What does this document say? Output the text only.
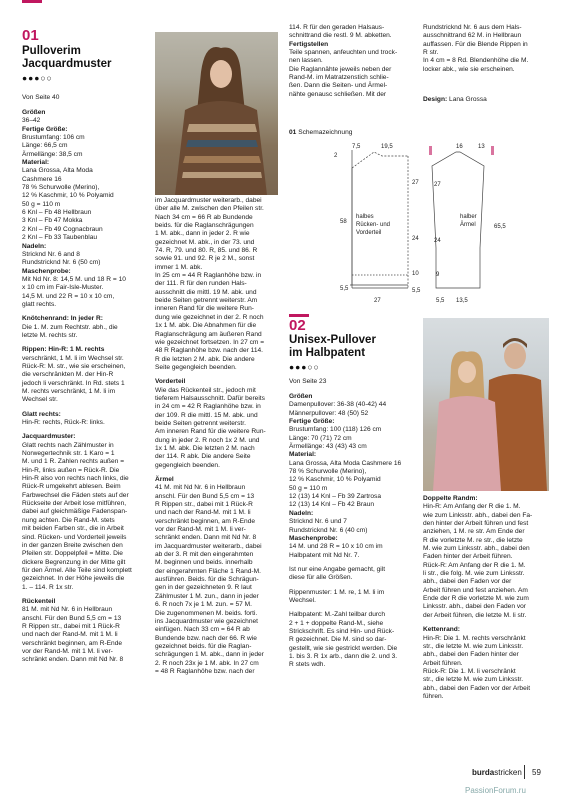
01
Pulloverim
Jacquardmuster
●●●○○
Von Seite 40

Größen

36–42

Fertige Größe:

Brustumfang: 106 cm

Länge: 66,5 cm

Ärmellänge: 38,5 cm

Material:

Lana Grossa, Alta Moda

Cashmere 16

78 % Schurwolle (Merino),

12 % Kaschmir, 10 % Polyamid

50 g = 110 m

6 Knl – Fb 48 Hellbraun

3 Knl – Fb 47 Mokka

2 Knl – Fb 49 Cognacbraun

2 Knl – Fb 33 Taubenblau

Nadeln:

Stricknd Nr. 6 and 8

Rundstricknd Nr. 6 (50 cm)

Maschenprobe:

Mit Nd Nr. 8: 14,5 M. und 18 R = 10

x 10 cm im Fair-Isle-Muster.

14,5 M. und 22 R = 10 x 10 cm,

glatt rechts.

Knötchenrand: In jeder R:

Die 1. M. zum Rechtstr. abh., die

letzte M. rechts str.

Rippen: Hin-R: 1 M. rechts

verschränkt, 1 M. li im Wechsel str.

Rück-R: M. str., wie sie erscheinen,

die verschränkten M. der Hin-R

jedoch li verschränkt. In Rd. stets 1

M. rechts verschränkt, 1 M. li im

Wechsel str.

Glatt rechts:

Hin-R: rechts, Rück-R: links.

Jacquardmuster:

Glatt rechts nach Zählmuster in

Norwegertechnik str. 1 Karo = 1

M. und 1 R. Zahlen rechts außen =

Hin-R, links außen = Rück-R. Die

Hin-R also von rechts nach links, die

Rück-R umgekehrt ablesen. Beim

Farbwechsel die Fäden stets auf der

Rückseite der Arbeit lose mitführen,

dabei auf gleichmäßige Fadenspan-

nung achten. Die Rand-M. stets

mit beiden Farben str., die in Arbeit

sind. Rücken- und Vorderteil jeweils

in der ganzen Breite zwischen den

Pfeilen str. Doppelpfeil = Mitte. Die

dickere Begrenzung in der Mitte gilt

für den Ärmel. Alle Teile sind komplett

gezeichnet. In der Höhe jeweils die

1. – 114. R 1x str.

Rückenteil

81 M. mit Nd Nr. 6 in Hellbraun

anschl. Für den Bund 5,5 cm = 13

R Rippen str., dabei mit 1 Rück-R

und nach der Rand-M. mit 1 M. li

verschränkt beginnen, am R-Ende

vor der Rand-M. mit 1 M. li ver-

schränkt enden. Dann mit Nd Nr. 8

im Jacquardmuster weiterarb., dabei

über alle M. zwischen den Pfeilen str.

Nach 34 cm = 66 R ab Bundende

beids. für die Raglanschrägungen

1 M. abk., dann in jeder 2. R wie

gezeichnet M. abk., in der 73. und

74. R, 79. und 80. R, 85. und 86. R

sowie 91. und 92. R je 2 M., sonst

immer 1 M. abk.

In 25 cm = 44 R Raglanhöhe bzw. in

der 111. R für den runden Hals-

ausschnitt die mittl. 19 M. abk. und

beide Seiten getrennt weiterstr. Am

inneren Rand für die weitere Run-

dung wie gezeichnet in der 2. R noch

1x 1 M. abk. Die Abnahmen für die

Raglanschrägung am äußeren Rand

wie gezeichnet fortsetzen. In 27 cm =

48 R Raglanhöhe bzw. nach der 114.

R die letzten 2 M. abk. Die andere

Seite gegengleich beenden.

Vorderteil

Wie das Rückenteil str., jedoch mit

tieferem Halsausschnitt. Dafür bereits

in 24 cm = 42 R Raglanhöhe bzw. in

der 109. R die mittl. 15 M. abk. und

beide Seiten getrennt weiterstr.

Am inneren Rand für die weitere Run-

dung in jeder 2. R noch 1x 2 M. und

1x 1 M. abk. Die letzten 2 M. nach

der 114. R abk. Die andere Seite

gegengleich beenden.

Ärmel

41 M. mit Nd Nr. 6 in Hellbraun

anschl. Für den Bund 5,5 cm = 13

R Rippen str., dabei mit 1 Rück-R

und nach der Rand-M. mit 1 M. li

verschränkt beginnen, am R-Ende

vor der Rand-M. mit 1 M. li ver-

schränkt enden. Dann mit Nd Nr. 8

im Jacquardmuster weiterarb., dabei

ab der 3. R mit den eingerahmten

M. beginnen und beids. innerhalb

der eingerahmten Fläche 1 Rand-M.

ausführen. Beids. für die Schrägun-

gen in der gezeichneten 9. R laut

Zählmuster 1 M. zun., dann in jeder

6. R noch 7x je 1 M. zun. = 57 M.

Die zugenommenen M. beids. forti.

ins Jacquardmuster wie gezeichnet

einfügen. Nach 33 cm = 64 R ab

Bundende bzw. nach der 66. R wie

gezeichnet beids. für die Raglan-

schrägungen 1 M. abk., dann in jeder

2. R noch 23x je 1 M. abk. In 27 cm

= 48 R Raglanhöhe bzw. nach der

114. R für den geraden Halsaus-

schnittrand die restl. 9 M. abketten.

Fertigstellen

Teile spannen, anfeuchten und trock-

nen lassen.

Die Raglannähte jeweils neben der

Rand-M. im Matratzenstich schlie-

ßen. Dann die Seiten- und Ärmel-

nähte genausc schließen. Mit der

Rundstricknd Nr. 6 aus dem Hals-

ausschnittrand 62 M. in Hellbraun

auffassen. Für die Blende Rippen in

R str.

In 4 cm = 8 Rd. Blendenhöhe die M.

locker abk., wie sie erscheinen.

Design: Lana Grossa
01 Schemazeichnung
2
7,5	19,5	16	13
58
27	27
24	24
10	9
5,5	5,5
27	5,5 13,5
65,5
halbes
Rücken- und
Vorderteil
halber
Ärmel
02
Unisex-Pullover
im Halbpatent
●●●○○
Von Seite 23

Größen

Damenpullover: 36-38 (40-42) 44

Männerpullover: 48 (50) 52

Fertige Größe:

Brustumfang: 100 (118) 126 cm

Länge: 70 (71) 72 cm

Ärmellänge: 43 (43) 43 cm

Material:

Lana Grossa, Alta Moda Cashmere 16

78 % Schurwolle (Merino),

12 % Kaschmir, 10 % Polyamid

50 g = 110 m

12 (13) 14 Knl – Fb 39 Zartrosa

12 (13) 14 Knl – Fb 42 Braun

Nadeln:

Stricknd Nr. 6 und 7

Rundstricknd Nr. 6 (40 cm)

Maschenprobe:

14 M. und 28 R = 10 x 10 cm im

Halbpatent mit Nd Nr. 7.

Ist nur eine Angabe gemacht, gilt

diese für alle Größen.

Rippenmuster: 1 M. re, 1 M. li im

Wechsel.

Halbpatent: M.-Zahl teilbar durch

2 + 1 + doppelte Rand-M., siehe

Strickschrift. Es sind Hin- und Rück-

R gezeichnet. Die M. sind so dar-

gestellt, wie sie gestrickt werden. Die

1. bis 3. R 1x arb., dann die 2. und 3.

R stets wdh.

Doppelte Randm:

Hin-R: Am Anfang der R die 1. M.

wie zum Linksstr. abh., dabei den Fa-

den hinter der Arbeit führen und fest

anziehen, 1 M. re str. Am Ende der

R die vorletzte M. re str., die letzte

M. wie zum Linksstr. abh., dabei den

Faden hinter der Arbeit führen.

Rück-R: Am Anfang der R die 1. M.

li str., die folg. M. wie zum Linksstr.

abh., dabei den Faden vor der

Arbeit führen und fest anziehen. Am

Ende der R die vorletzte M. wie zum

Linksstr. abh., dabei den Faden vor

der Arbeit führen, die letzte M. li str.

Kettenrand:

Hin-R: Die 1. M. rechts verschränkt

str., die letzte M. wie zum Linksstr.

abh., dabei den Faden hinter der

Arbeit führen.

Rück-R: Die 1. M. li verschränkt

str., die letzte M. wie zum Linksstr.

abh., dabei den Faden vor der Arbeit

führen.

burdastricken 59
PassionForum.ru
